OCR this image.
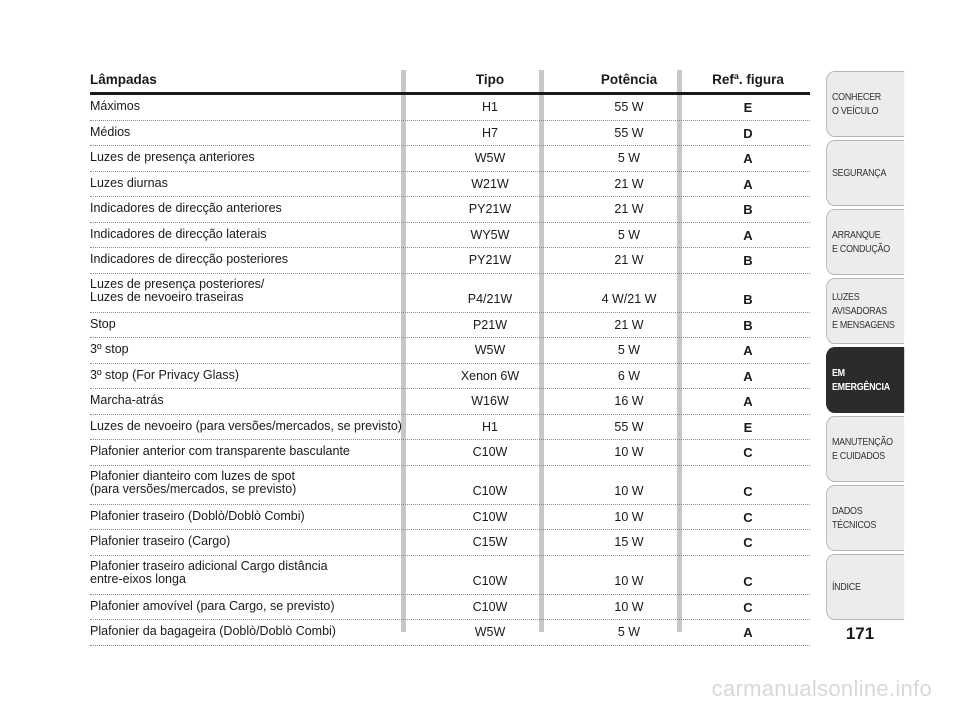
Lâmpadas	Tipo	Potência	Refª. figura
Máximos	H1	55 W	E
Médios	H7	55 W	D
Luzes de presença anteriores	W5W	5 W	A
Luzes diurnas	W21W	21 W	A
Indicadores de direcção anteriores	PY21W	21 W	B
Indicadores de direcção laterais	WY5W	5 W	A
Indicadores de direcção posteriores	PY21W	21 W	B
Luzes de presença posteriores/
Luzes de nevoeiro traseiras	P4/21W	4 W/21 W	B
Stop	P21W	21 W	B
3º stop	W5W	5 W	A
3º stop (For Privacy Glass)	Xenon 6W	6 W	A
Marcha-atrás	W16W	16 W	A
Luzes de nevoeiro (para versões/mercados, se previsto)	H1	55 W	E
Plafonier anterior com transparente basculante	C10W	10 W	C
Plafonier dianteiro com luzes de spot
(para versões/mercados, se previsto)	C10W	10 W	C
Plafonier traseiro (Doblò/Doblò Combi)	C10W	10 W	C
Plafonier traseiro (Cargo)	C15W	15 W	C
Plafonier traseiro adicional Cargo distância
entre-eixos longa	C10W	10 W	C
Plafonier amovível (para Cargo, se previsto)	C10W	10 W	C
Plafonier da bagageira (Doblò/Doblò Combi)	W5W	5 W	A
CONHECER
O VEÍCULO
SEGURANÇA
ARRANQUE
E CONDUÇÃO
LUZES AVISADORAS
E MENSAGENS
EM EMERGÊNCIA
MANUTENÇÃO
E CUIDADOS
DADOS TÉCNICOS
ÍNDICE
171
carmanualsonline.info
